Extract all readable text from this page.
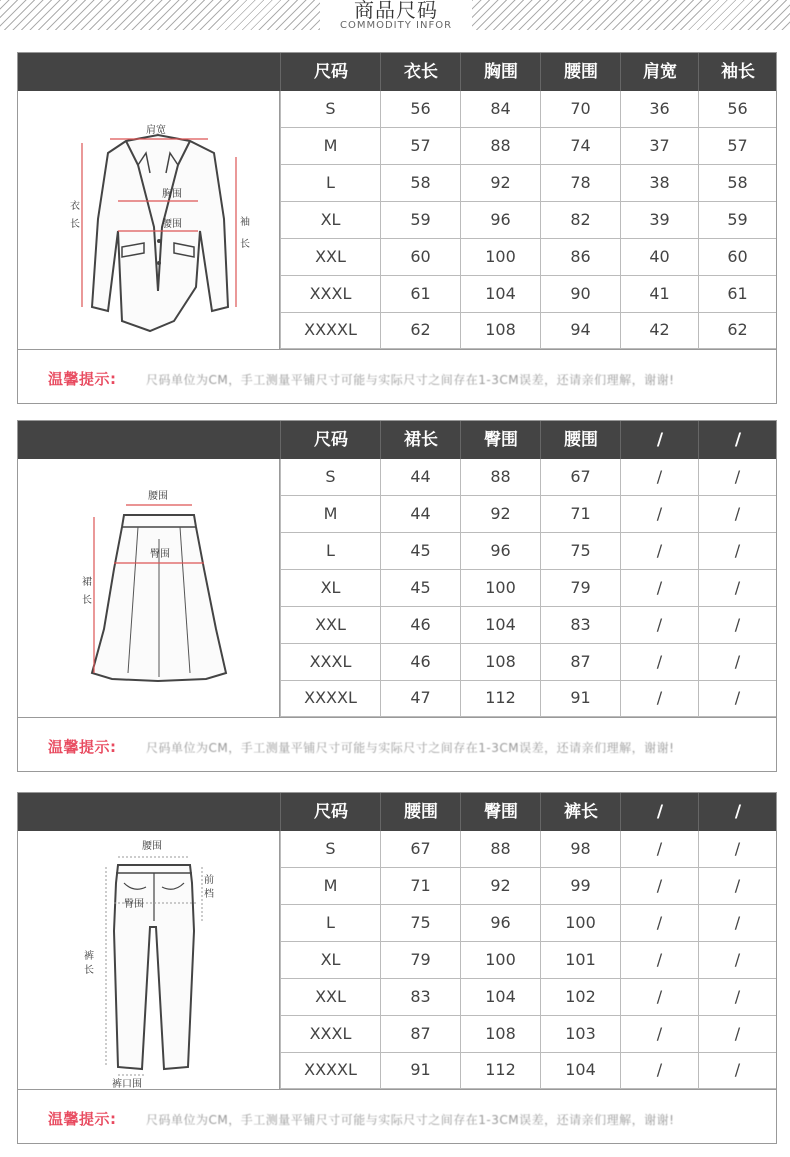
商品尺码
COMMODITY INFOR
尺码	衣长	胸围	腰围	肩宽	袖长
肩宽
胸围
腰围
衣
长	袖
长
温馨提示: 尺码单位为CM，手工测量平铺尺寸可能与实际尺寸之间存在1-3CM误差，还请亲们理解，谢谢!
S	56	84	70	36	56
M	57	88	74	37	57
L	58	92	78	38	58
XL	59	96	82	39	59
XXL	60	100	86	40	60
XXXL	61	104	90	41	61
XXXXL	62	108	94	42	62
尺码	裙长	臀围	腰围	/	/
腰围
臀围
裙
长
温馨提示: 尺码单位为CM，手工测量平铺尺寸可能与实际尺寸之间存在1-3CM误差，还请亲们理解，谢谢!
S	44	88	67	/	/
M	44	92	71	/	/
L	45	96	75	/	/
XL	45	100	79	/	/
XXL	46	104	83	/	/
XXXL	46	108	87	/	/
XXXXL	47	112	91	/	/
尺码	腰围	臀围	裤长	/	/
腰围
前
档
臀围
裤
长
裤口围
温馨提示: 尺码单位为CM，手工测量平铺尺寸可能与实际尺寸之间存在1-3CM误差，还请亲们理解，谢谢!
S	67	88	98	/	/
M	71	92	99	/	/
L	75	96	100	/	/
XL	79	100	101	/	/
XXL	83	104	102	/	/
XXXL	87	108	103	/	/
XXXXL	91	112	104	/	/
